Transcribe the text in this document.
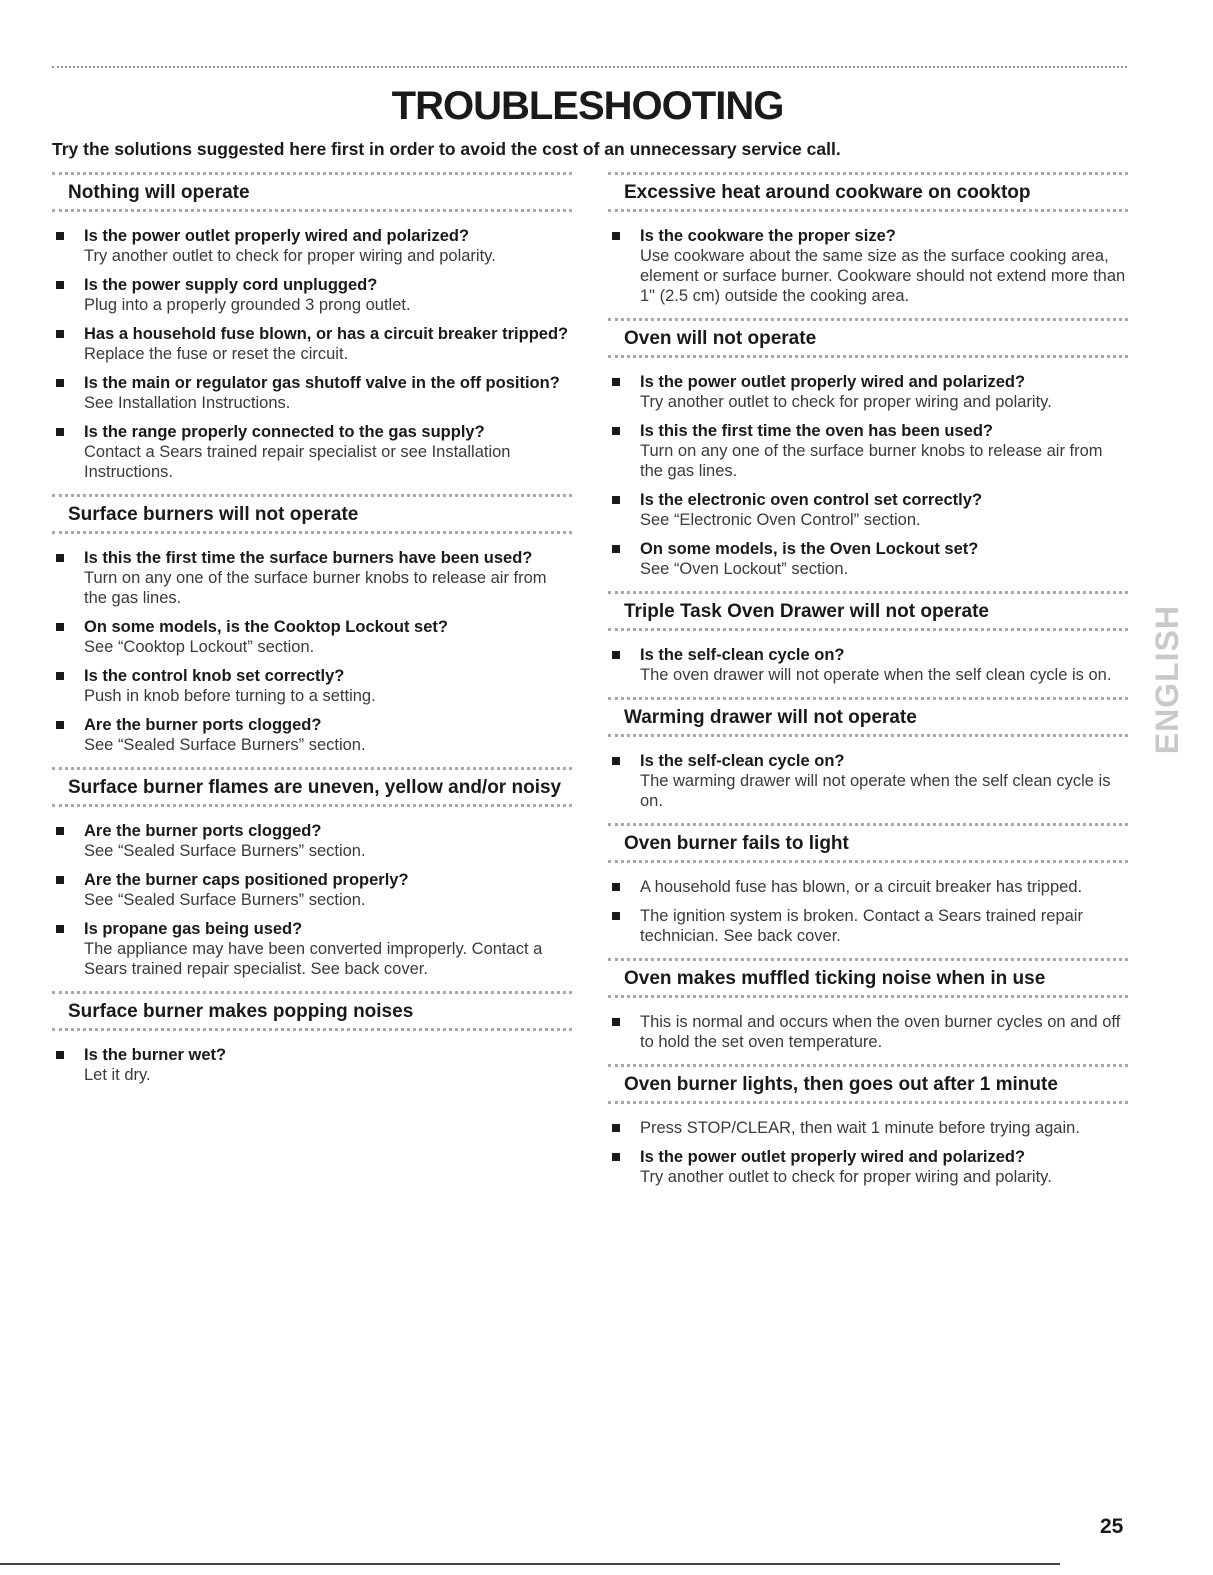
TROUBLESHOOTING
Try the solutions suggested here first in order to avoid the cost of an unnecessary service call.
Nothing will operate
Is the power outlet properly wired and polarized?
Try another outlet to check for proper wiring and polarity.
Is the power supply cord unplugged?
Plug into a properly grounded 3 prong outlet.
Has a household fuse blown, or has a circuit breaker tripped?
Replace the fuse or reset the circuit.
Is the main or regulator gas shutoff valve in the off position?
See Installation Instructions.
Is the range properly connected to the gas supply?
Contact a Sears trained repair specialist or see Installation Instructions.
Surface burners will not operate
Is this the first time the surface burners have been used?
Turn on any one of the surface burner knobs to release air from the gas lines.
On some models, is the Cooktop Lockout set?
See “Cooktop Lockout” section.
Is the control knob set correctly?
Push in knob before turning to a setting.
Are the burner ports clogged?
See “Sealed Surface Burners” section.
Surface burner flames are uneven, yellow and/or noisy
Are the burner ports clogged?
See “Sealed Surface Burners” section.
Are the burner caps positioned properly?
See “Sealed Surface Burners” section.
Is propane gas being used?
The appliance may have been converted improperly. Contact a Sears trained repair specialist. See back cover.
Surface burner makes popping noises
Is the burner wet?
Let it dry.
Excessive heat around cookware on cooktop
Is the cookware the proper size?
Use cookware about the same size as the surface cooking area, element or surface burner. Cookware should not extend more than 1" (2.5 cm) outside the cooking area.
Oven will not operate
Is the power outlet properly wired and polarized?
Try another outlet to check for proper wiring and polarity.
Is this the first time the oven has been used?
Turn on any one of the surface burner knobs to release air from the gas lines.
Is the electronic oven control set correctly?
See “Electronic Oven Control” section.
On some models, is the Oven Lockout set?
See “Oven Lockout” section.
Triple Task Oven Drawer will not operate
Is the self-clean cycle on?
The oven drawer will not operate when the self clean cycle is on.
Warming drawer will not operate
Is the self-clean cycle on?
The warming drawer will not operate when the self clean cycle is on.
Oven burner fails to light
A household fuse has blown, or a circuit breaker has tripped.
The ignition system is broken. Contact a Sears trained repair technician. See back cover.
Oven makes muffled ticking noise when in use
This is normal and occurs when the oven burner cycles on and off to hold the set oven temperature.
Oven burner lights, then goes out after 1 minute
Press STOP/CLEAR, then wait 1 minute before trying again.
Is the power outlet properly wired and polarized?
Try another outlet to check for proper wiring and polarity.
ENGLISH
25
